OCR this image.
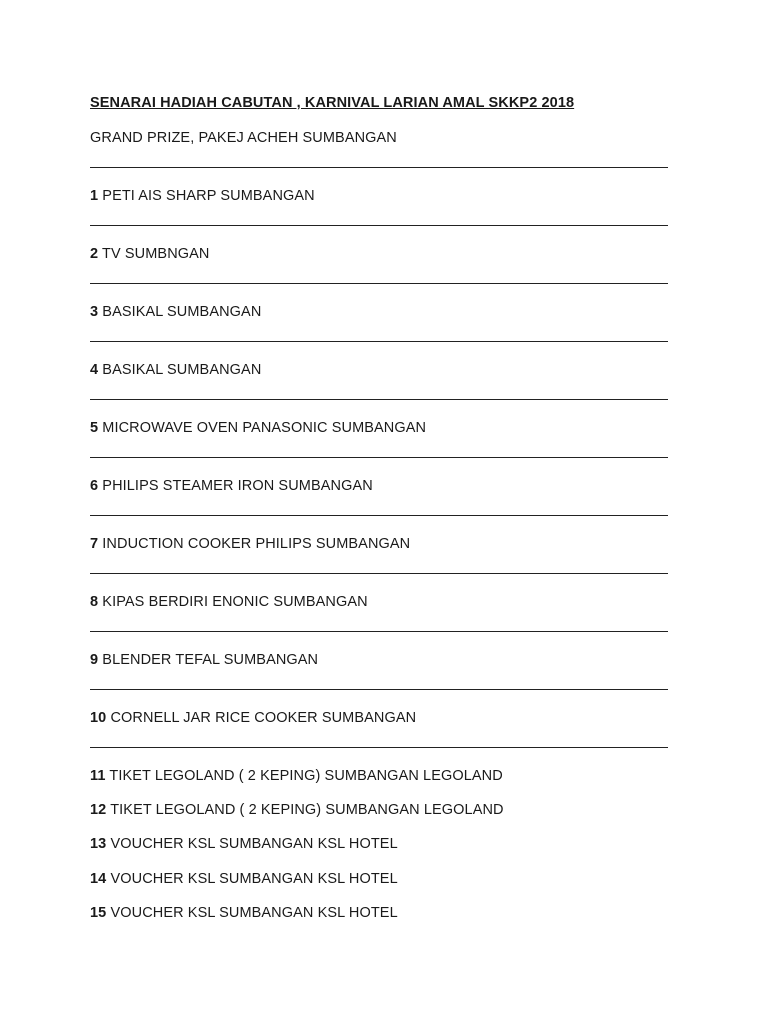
SENARAI HADIAH CABUTAN , KARNIVAL LARIAN AMAL SKKP2 2018
GRAND PRIZE, PAKEJ ACHEH SUMBANGAN
1 PETI AIS SHARP SUMBANGAN
2 TV SUMBNGAN
3 BASIKAL SUMBANGAN
4 BASIKAL SUMBANGAN
5 MICROWAVE OVEN PANASONIC SUMBANGAN
6 PHILIPS STEAMER IRON SUMBANGAN
7 INDUCTION COOKER PHILIPS SUMBANGAN
8 KIPAS BERDIRI ENONIC SUMBANGAN
9 BLENDER TEFAL SUMBANGAN
10 CORNELL JAR RICE COOKER SUMBANGAN
11 TIKET LEGOLAND ( 2 KEPING) SUMBANGAN LEGOLAND
12 TIKET LEGOLAND ( 2 KEPING) SUMBANGAN LEGOLAND
13 VOUCHER KSL SUMBANGAN KSL HOTEL
14 VOUCHER KSL SUMBANGAN KSL HOTEL
15 VOUCHER KSL SUMBANGAN KSL HOTEL
